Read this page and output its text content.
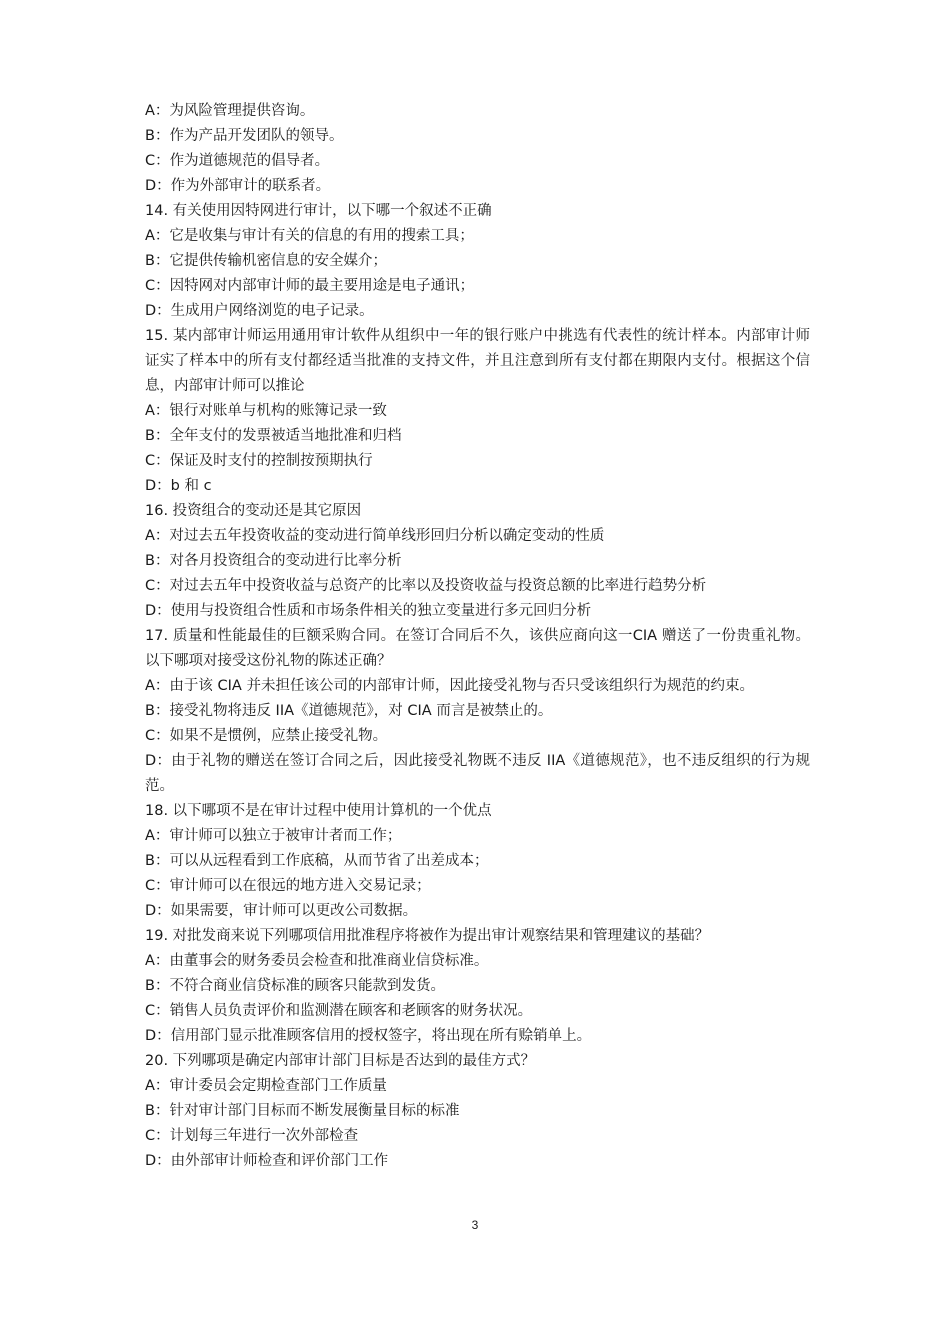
A：为风险管理提供咨询。

B：作为产品开发团队的领导。

C：作为道德规范的倡导者。

D：作为外部审计的联系者。

14. 有关使用因特网进行审计，以下哪一个叙述不正确

A：它是收集与审计有关的信息的有用的搜索工具；

B：它提供传输机密信息的安全媒介；

C：因特网对内部审计师的最主要用途是电子通讯；

D：生成用户网络浏览的电子记录。

15. 某内部审计师运用通用审计软件从组织中一年的银行账户中挑选有代表性的统计样本。内部审计师证实了样本中的所有支付都经适当批准的支持文件，并且注意到所有支付都在期限内支付。根据这个信息，内部审计师可以推论

A：银行对账单与机构的账簿记录一致

B：全年支付的发票被适当地批准和归档

C：保证及时支付的控制按预期执行

D：b 和 c

16. 投资组合的变动还是其它原因

A：对过去五年投资收益的变动进行简单线形回归分析以确定变动的性质

B：对各月投资组合的变动进行比率分析

C：对过去五年中投资收益与总资产的比率以及投资收益与投资总额的比率进行趋势分析

D：使用与投资组合性质和市场条件相关的独立变量进行多元回归分析

17. 质量和性能最佳的巨额采购合同。在签订合同后不久，该供应商向这一CIA 赠送了一份贵重礼物。以下哪项对接受这份礼物的陈述正确？

A：由于该 CIA 并未担任该公司的内部审计师，因此接受礼物与否只受该组织行为规范的约束。

B：接受礼物将违反 IIA《道德规范》，对 CIA 而言是被禁止的。

C：如果不是惯例，应禁止接受礼物。

D：由于礼物的赠送在签订合同之后，因此接受礼物既不违反 IIA《道德规范》，也不违反组织的行为规范。

18. 以下哪项不是在审计过程中使用计算机的一个优点

A：审计师可以独立于被审计者而工作；

B：可以从远程看到工作底稿，从而节省了出差成本；

C：审计师可以在很远的地方进入交易记录；

D：如果需要，审计师可以更改公司数据。

19. 对批发商来说下列哪项信用批准程序将被作为提出审计观察结果和管理建议的基础？

A：由董事会的财务委员会检查和批准商业信贷标准。

B：不符合商业信贷标准的顾客只能款到发货。

C：销售人员负责评价和监测潜在顾客和老顾客的财务状况。

D：信用部门显示批准顾客信用的授权签字，将出现在所有赊销单上。

20. 下列哪项是确定内部审计部门目标是否达到的最佳方式？

A：审计委员会定期检查部门工作质量

B：针对审计部门目标而不断发展衡量目标的标准

C：计划每三年进行一次外部检查

D：由外部审计师检查和评价部门工作

3
